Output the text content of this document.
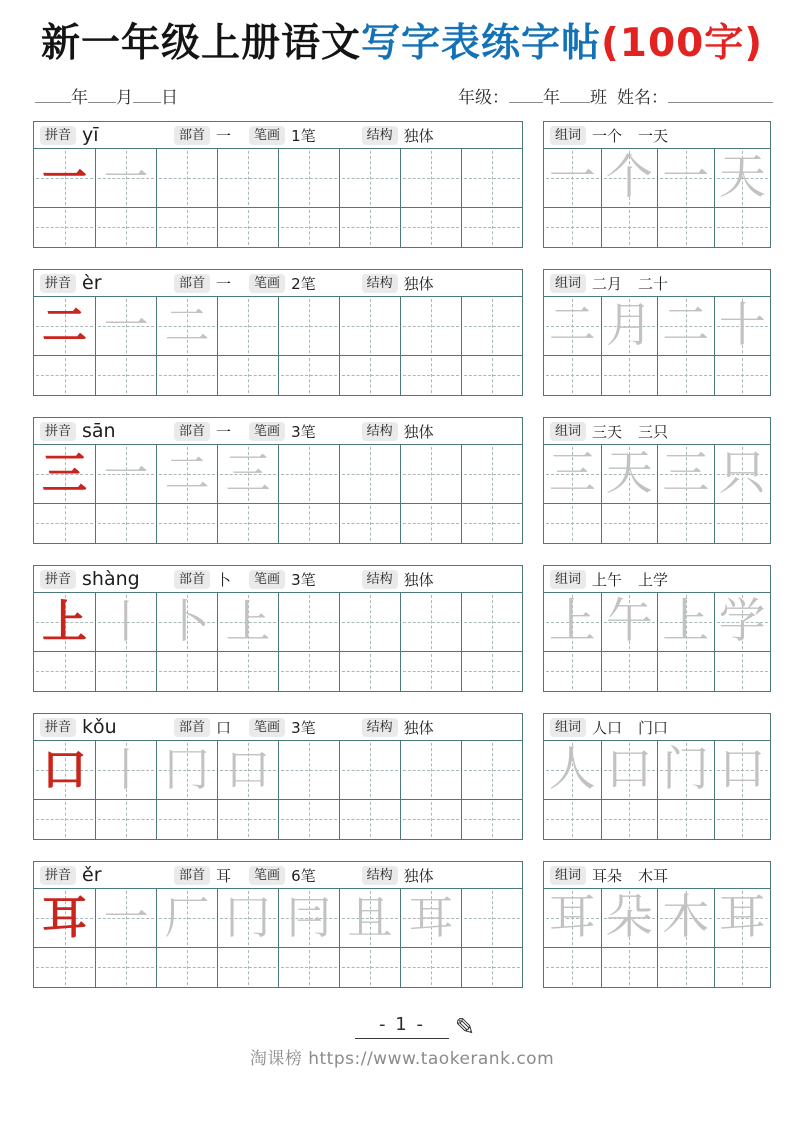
新一年级上册语文写字表练字帖(100字)
年 月 日	年级： 年 班 姓名：
拼音 yī	部首 一	笔画 1笔	结构 独体
一 一
组词 一个 一天
一 个 一 天
拼音 èr	部首 一	笔画 2笔	结构 独体
二 一 二
组词 二月 二十
二 月 二 十
拼音 sān	部首 一	笔画 3笔	结构 独体
三 一 二 三
组词 三天 三只
三 天 三 只
拼音 shàng	部首 卜	笔画 3笔	结构 独体
上 丨 卜 上
组词 上午 上学
上 午 上 学
拼音 kǒu	部首 口	笔画 3笔	结构 独体
口 丨 冂 口
组词 人口 门口
人 口 门 口
拼音 ěr	部首 耳	笔画 6笔	结构 独体
耳 一 厂 冂 冃 且 耳
组词 耳朵 木耳
耳 朵 木 耳
- 1 - ✎
淘课榜 https://www.taokerank.com
